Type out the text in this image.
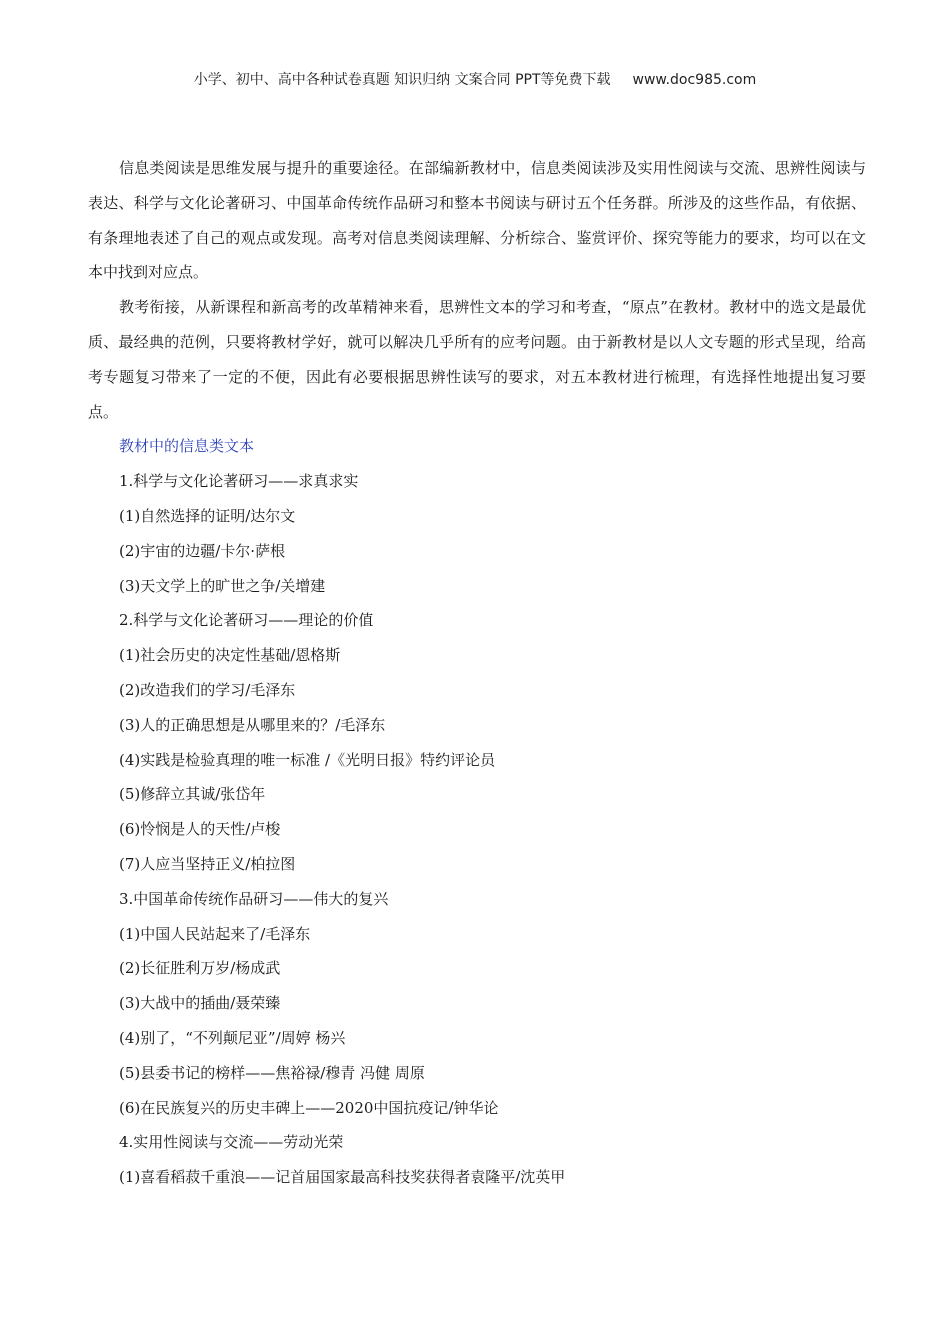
小学、初中、高中各种试卷真题 知识归纳 文案合同 PPT等免费下载 www.doc985.com

信息类阅读是思维发展与提升的重要途径。在部编新教材中，信息类阅读涉及实用性阅读与交流、思辨性阅读与表达、科学与文化论著研习、中国革命传统作品研习和整本书阅读与研讨五个任务群。所涉及的这些作品，有依据、有条理地表述了自己的观点或发现。高考对信息类阅读理解、分析综合、鉴赏评价、探究等能力的要求，均可以在文本中找到对应点。

教考衔接，从新课程和新高考的改革精神来看，思辨性文本的学习和考查，“原点”在教材。教材中的选文是最优质、最经典的范例，只要将教材学好，就可以解决几乎所有的应考问题。由于新教材是以人文专题的形式呈现，给高考专题复习带来了一定的不便，因此有必要根据思辨性读写的要求，对五本教材进行梳理，有选择性地提出复习要点。

教材中的信息类文本
1.科学与文化论著研习——求真求实
(1)自然选择的证明/达尔文
(2)宇宙的边疆/卡尔·萨根
(3)天文学上的旷世之争/关增建
2.科学与文化论著研习——理论的价值
(1)社会历史的决定性基础/恩格斯
(2)改造我们的学习/毛泽东
(3)人的正确思想是从哪里来的？/毛泽东
(4)实践是检验真理的唯一标准 /《光明日报》特约评论员
(5)修辞立其诚/张岱年
(6)怜悯是人的天性/卢梭
(7)人应当坚持正义/柏拉图
3.中国革命传统作品研习——伟大的复兴
(1)中国人民站起来了/毛泽东
(2)长征胜利万岁/杨成武
(3)大战中的插曲/聂荣臻
(4)别了，“不列颠尼亚”/周婷 杨兴
(5)县委书记的榜样——焦裕禄/穆青 冯健 周原
(6)在民族复兴的历史丰碑上——2020中国抗疫记/钟华论
4.实用性阅读与交流——劳动光荣
(1)喜看稻菽千重浪——记首届国家最高科技奖获得者袁隆平/沈英甲
